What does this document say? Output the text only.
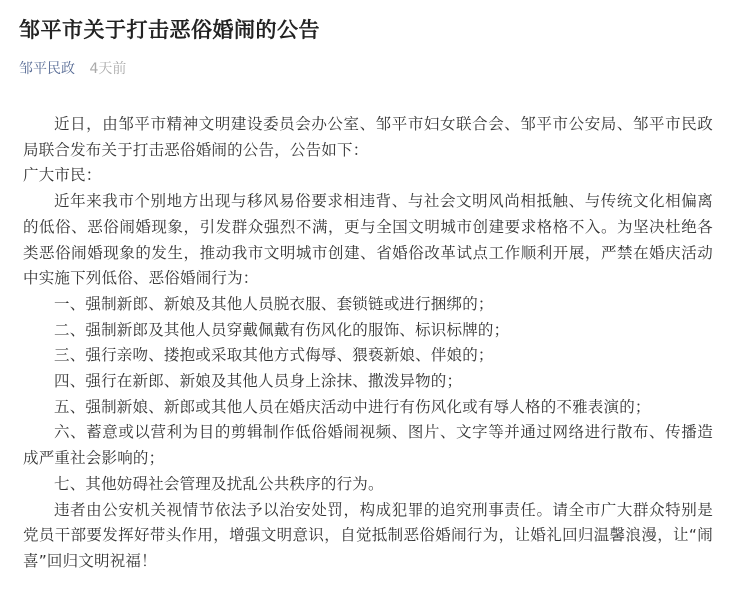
邹平市关于打击恶俗婚闹的公告
邹平民政 4天前

近日，由邹平市精神文明建设委员会办公室、邹平市妇女联合会、邹平市公安局、邹平市民政局联合发布关于打击恶俗婚闹的公告，公告如下：

广大市民：

近年来我市个别地方出现与移风易俗要求相违背、与社会文明风尚相抵触、与传统文化相偏离的低俗、恶俗闹婚现象，引发群众强烈不满，更与全国文明城市创建要求格格不入。为坚决杜绝各类恶俗闹婚现象的发生，推动我市文明城市创建、省婚俗改革试点工作顺利开展，严禁在婚庆活动中实施下列低俗、恶俗婚闹行为：

一、强制新郎、新娘及其他人员脱衣服、套锁链或进行捆绑的；

二、强制新郎及其他人员穿戴佩戴有伤风化的服饰、标识标牌的；

三、强行亲吻、搂抱或采取其他方式侮辱、猥亵新娘、伴娘的；

四、强行在新郎、新娘及其他人员身上涂抹、撒泼异物的；

五、强制新娘、新郎或其他人员在婚庆活动中进行有伤风化或有辱人格的不雅表演的；

六、蓄意或以营利为目的剪辑制作低俗婚闹视频、图片、文字等并通过网络进行散布、传播造成严重社会影响的；

七、其他妨碍社会管理及扰乱公共秩序的行为。

违者由公安机关视情节依法予以治安处罚，构成犯罪的追究刑事责任。请全市广大群众特别是党员干部要发挥好带头作用，增强文明意识，自觉抵制恶俗婚闹行为，让婚礼回归温馨浪漫，让“闹喜”回归文明祝福！
